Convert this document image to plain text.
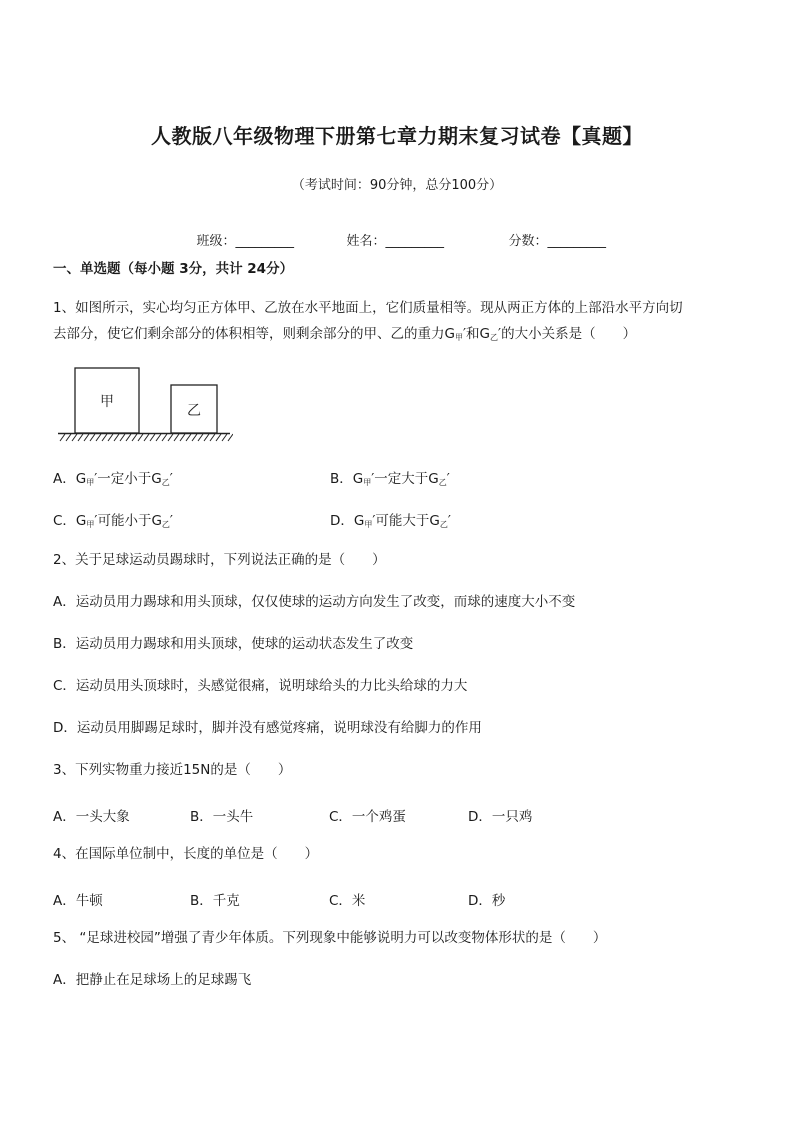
人教版八年级物理下册第七章力期末复习试卷【真题】
（考试时间：90分钟，总分100分）

班级：_________	姓名：_________	分数：_________

一、单选题（每小题 3分，共计 24分）
1、如图所示，实心均匀正方体甲、乙放在水平地面上，它们质量相等。现从两正方体的上部沿水平方向切
去部分，使它们剩余部分的体积相等，则剩余部分的甲、乙的重力$G_甲'$和$G_乙'$的大小关系是（　　）
甲
乙
A．$G_甲'$一定小于$G_乙'$	B．$G_甲'$一定大于$G_乙'$
C．$G_甲'$可能小于$G_乙'$	D．$G_甲'$可能大于$G_乙'$
2、关于足球运动员踢球时，下列说法正确的是（　　）
A．运动员用力踢球和用头顶球，仅仅使球的运动方向发生了改变，而球的速度大小不变
B．运动员用力踢球和用头顶球，使球的运动状态发生了改变
C．运动员用头顶球时，头感觉很痛，说明球给头的力比头给球的力大
D．运动员用脚踢足球时，脚并没有感觉疼痛，说明球没有给脚力的作用
3、下列实物重力接近15N的是（　　）
A．一头大象	B．一头牛	C．一个鸡蛋	D．一只鸡
4、在国际单位制中，长度的单位是（　　）
A．牛顿	B．千克	C．米	D．秒
5、 “足球进校园”增强了青少年体质。下列现象中能够说明力可以改变物体形状的是（　　）
A．把静止在足球场上的足球踢飞
